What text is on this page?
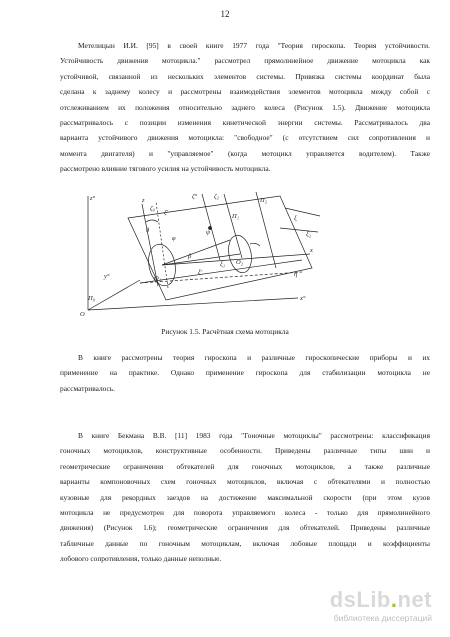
12
Метелицын И.И. [95] в своей книге 1977 года "Теория гироскопа. Теория устойчивости.
Устойчивость движения мотоцикла." рассмотрел прямолинейное движение мотоцикла как
устойчивой, связанной из нескольких элементов системы. Привязка системы координат была
сделана к заднему колесу и рассмотрены взаимодействия элементов мотоцикла между собой с
отслеживанием их положения относительно заднего колеса (Рисунок 1.5). Движение мотоцикла
рассматривалось с позиции изменения кинетической энергии системы. Рассматривалось два
варианта устойчивого движения мотоцикла: "свободное" (с отсутствием сил сопротивления и
момента двигателя) и "управляемое" (когда мотоцикл управляется водителем). Также
рассмотрено влияние тягового усилия на устойчивость мотоцикла.
z°	z
ζ₀
ζ'
ζ°	ζ₂
Π₂
Π₁
θ
φ
ψ
ξ
ξ₂
ξ₁
O₁
O₂
ξ'
y°
Π₀
O
x°
x
η
β
Рисунок 1.5. Расчётная схема мотоцикла
В книге рассмотрены теория гироскопа и различные гироскопические приборы и их
применение на практике. Однако применение гироскопа для стабилизации мотоцикла не
рассматривалось.
В книге Бекмана В.В. [11] 1983 года "Гоночные мотоциклы" рассмотрены: классификация
гоночных мотоциклов, конструктивные особенности. Приведены различные типы шин и
геометрические ограничения обтекателей для гоночных мотоциклов, а также различные
варианты компоновочных схем гоночных мотоциклов, включая с обтекателями и полностью
кузовные для рекордных заездов на достижение максимальной скорости (при этом кузов
мотоцикла не предусмотрен для поворота управляемого колеса - только для прямолинейного
движения) (Рисунок 1.6); геометрические ограничения для обтекателей. Приведены различные
табличные данные по гоночным мотоциклам, включая лобовые площади и коэффициенты
лобового сопротивления, только данные неполные.
dsLib.net
библиотека диссертаций
